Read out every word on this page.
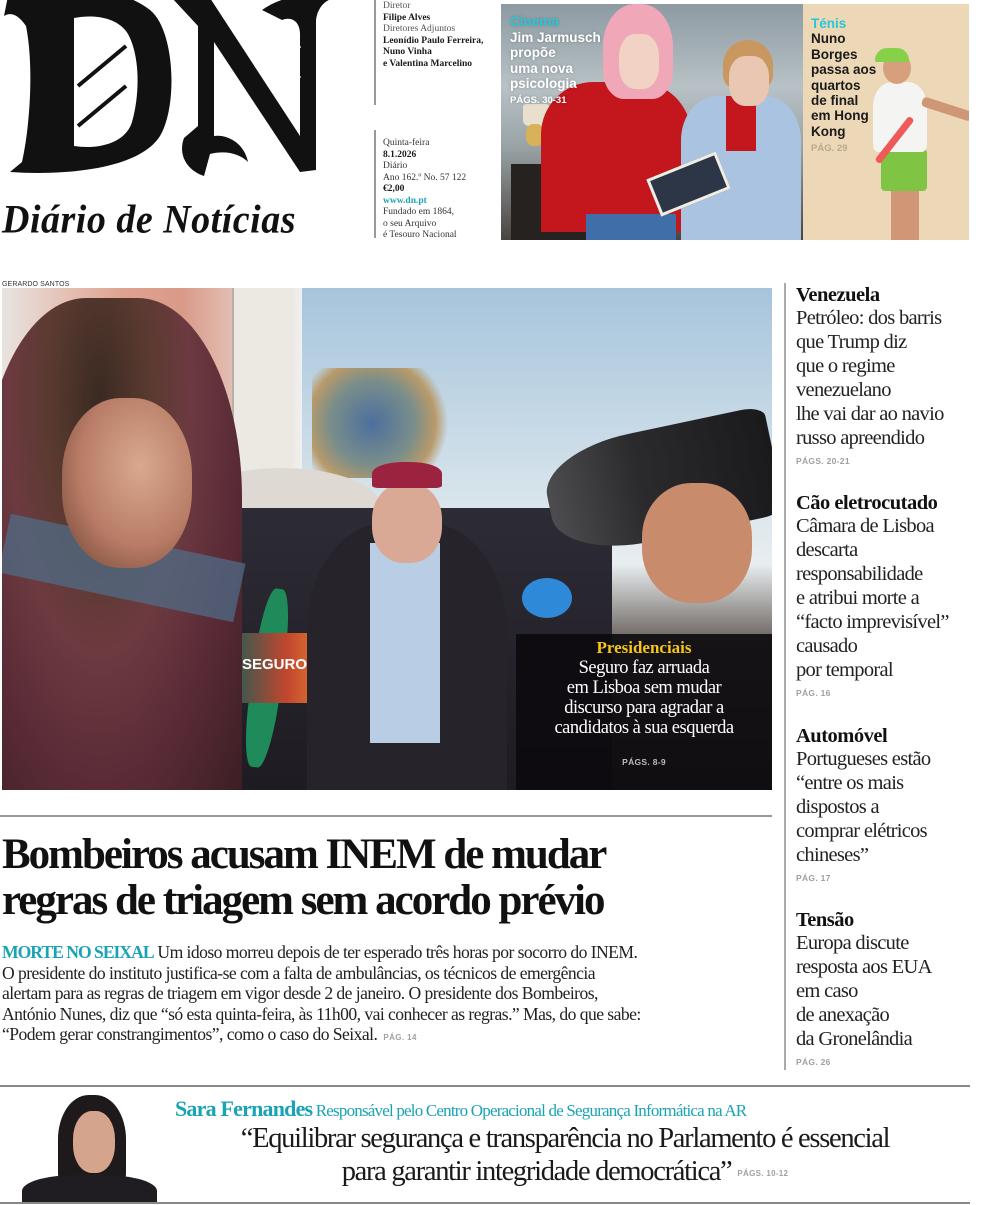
Diário de Notícias
Diretor
Filipe Alves
Diretores Adjuntos
Leonídio Paulo Ferreira,
Nuno Vinha
e Valentina Marcelino
Quinta-feira
8.1.2026
Diário
Ano 162.º No. 57 122
€2,00
www.dn.pt
Fundado em 1864,
o seu Arquivo
é Tesouro Nacional
Cinema
Jim Jarmusch
propõe
uma nova
psicologia
PÁGS. 30-31
Ténis
Nuno
Borges
passa aos
quartos
de final
em Hong
Kong
PÁG. 29
GERARDO SANTOS
SEGURO
Presidenciais
Seguro faz arruada
em Lisboa sem mudar
discurso para agradar a
candidatos à sua esquerda
PÁGS. 8-9
Venezuela
Petróleo: dos barris
que Trump diz
que o regime
venezuelano
lhe vai dar ao navio
russo apreendido
PÁGS. 20-21
Cão eletrocutado
Câmara de Lisboa
descarta
responsabilidade
e atribui morte a
“facto imprevisível”
causado
por temporal
PÁG. 16
Automóvel
Portugueses estão
“entre os mais
dispostos a
comprar elétricos
chineses”
PÁG. 17
Tensão
Europa discute
resposta aos EUA
em caso
de anexação
da Gronelândia
PÁG. 26
Bombeiros acusam INEM de mudar
regras de triagem sem acordo prévio
MORTE NO SEIXAL Um idoso morreu depois de ter esperado três horas por socorro do INEM.
O presidente do instituto justifica-se com a falta de ambulâncias, os técnicos de emergência
alertam para as regras de triagem em vigor desde 2 de janeiro. O presidente dos Bombeiros,
António Nunes, diz que “só esta quinta-feira, às 11h00, vai conhecer as regras.” Mas, do que sabe:
“Podem gerar constrangimentos”, como o caso do Seixal. PÁG. 14
Sara Fernandes Responsável pelo Centro Operacional de Segurança Informática na AR
“Equilibrar segurança e transparência no Parlamento é essencial
para garantir integridade democrática” PÁGS. 10-12
